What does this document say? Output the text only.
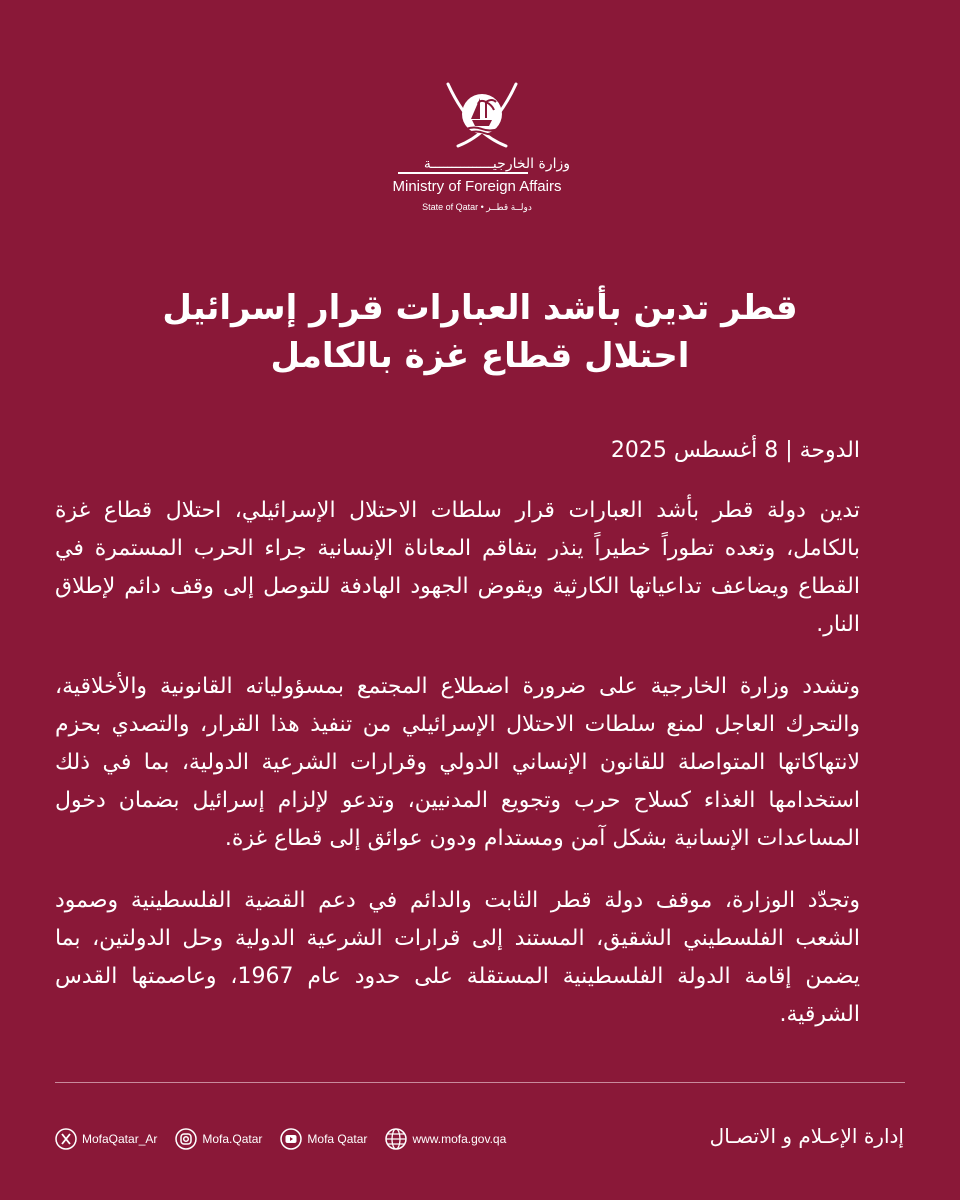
وزارة الخارجيـــــــــــــــة
Ministry of Foreign Affairs
State of Qatar • دولــة قطــر
قطر تدين بأشد العبارات قرار إسرائيل
احتلال قطاع غزة بالكامل

الدوحة | 8 أغسطس 2025

تدين دولة قطر بأشد العبارات قرار سلطات الاحتلال الإسرائيلي، احتلال قطاع غزة بالكامل، وتعده تطوراً خطيراً ينذر بتفاقم المعاناة الإنسانية جراء الحرب المستمرة في القطاع ويضاعف تداعياتها الكارثية ويقوض الجهود الهادفة للتوصل إلى وقف دائم لإطلاق النار.

وتشدد وزارة الخارجية على ضرورة اضطلاع المجتمع بمسؤولياته القانونية والأخلاقية، والتحرك العاجل لمنع سلطات الاحتلال الإسرائيلي من تنفيذ هذا القرار، والتصدي بحزم لانتهاكاتها المتواصلة للقانون الإنساني الدولي وقرارات الشرعية الدولية، بما في ذلك استخدامها الغذاء كسلاح حرب وتجويع المدنيين، وتدعو لإلزام إسرائيل بضمان دخول المساعدات الإنسانية بشكل آمن ومستدام ودون عوائق إلى قطاع غزة.

وتجدّد الوزارة، موقف دولة قطر الثابت والدائم في دعم القضية الفلسطينية وصمود الشعب الفلسطيني الشقيق، المستند إلى قرارات الشرعية الدولية وحل الدولتين، بما يضمن إقامة الدولة الفلسطينية المستقلة على حدود عام 1967، وعاصمتها القدس الشرقية.

MofaQatar_Ar	Mofa.Qatar	Mofa Qatar	www.mofa.gov.qa	إدارة الإعـلام و الاتصـال
